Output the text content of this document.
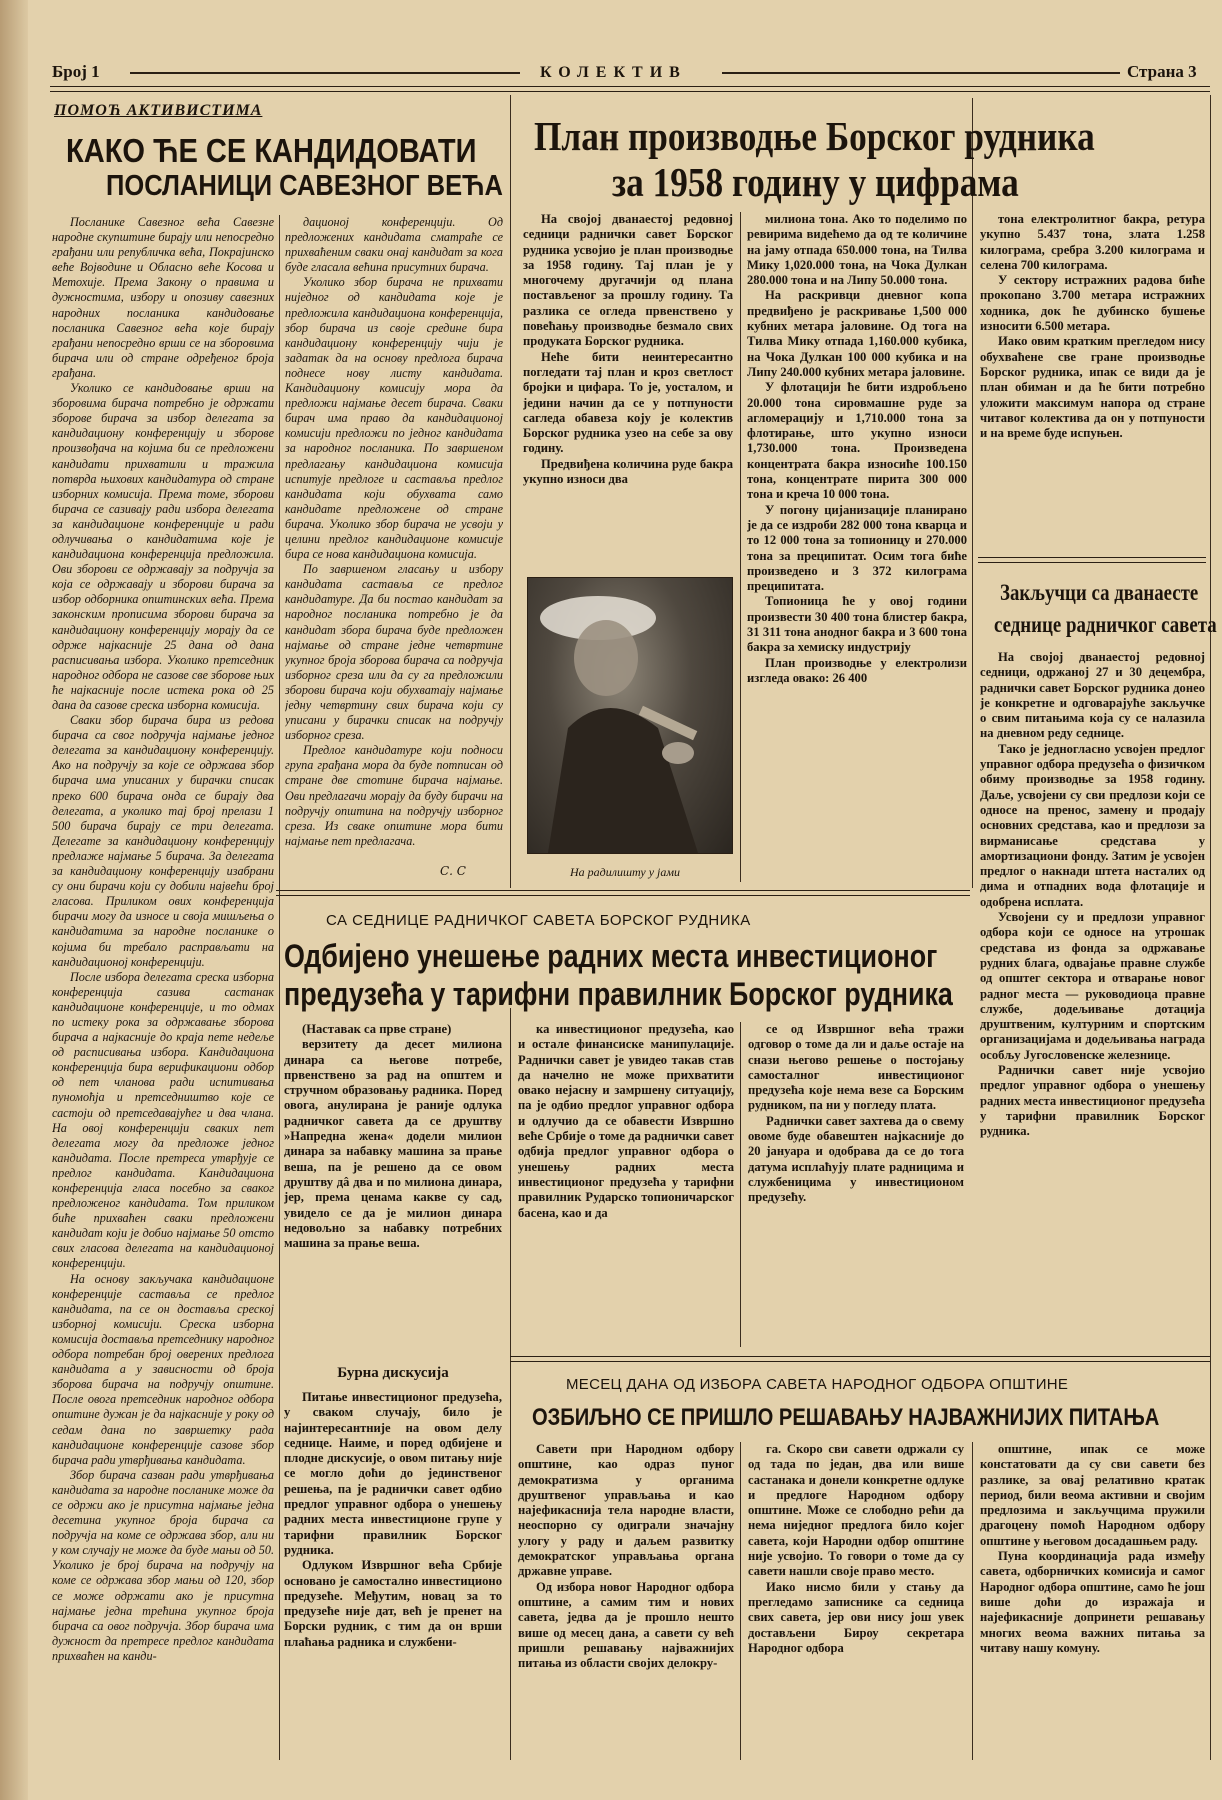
Број 1	КОЛЕКТИВ	Страна 3
ПОМОЋ АКТИВИСТИМА
КАКО ЋЕ СЕ КАНДИДОВАТИ
ПОСЛАНИЦИ САВЕЗНОГ ВЕЋА

Посланике Савезног већа Савезне народне скупштине бирају или непосредно грађани или републичка већа, Покрајинско веће Војводине и Обласно веће Косова и Метохије. Према Закону о правима и дужностима, избору и опозиву савезних народних посланика кандидовање посланика Савезног већа које бирају грађани непосредно врши се на зборовима бирача или од стране одређеног броја грађана.

Уколико се кандидовање врши на зборовима бирача потребно је одржати зборове бирача за избор делегата за кандидациону конференцију и зборове произвођача на којима би се предложени кандидати прихватили и тражила потврда њихових кандидатура од стране изборних комисија. Према томе, зборови бирача се сазивају ради избора делегата за кандидационе конференције и ради одлучивања о кандидатима које је кандидациона конференција предложила. Ови зборови се одржавају за подручја за која се одржавају и зборови бирача за избор одборника општинских већа. Према законским прописима зборови бирача за кандидациону конференцију морају да се одрже најкасније 25 дана од дана расписивања избора. Уколико претседник народног одбора не сазове све зборове њих ће најкасније после истека рока од 25 дана да сазове среска изборна комисија.

Сваки збор бирача бира из редова бирача са свог подручја најмање једног делегата за кандидациону конференцију. Ако на подручју за које се одржава збор бирача има уписаних у бирачки списак преко 600 бирача онда се бирају два делегата, а уколико тај број прелази 1 500 бирача бирају се три делегата. Делегате за кандидациону конференцију предлаже најмање 5 бирача. За делегата за кандидациону конференцију изабрани су они бирачи који су добили највећи број гласова. Приликом ових конференција бирачи могу да износе и своја мишљења о кандидатима за народне посланике о којима би требало расправљати на кандидационој конференцији.

После избора делегата среска изборна конференција сазива састанак кандидационе конференције, и то одмах по истеку рока за одржавање зборова бирача а најкасније до краја пете недеље од расписивања избора. Кандидациона конференција бира верификациони одбор од пет чланова ради испитивања пуномоћја и претседништво које се састоји од претседавајућег и два члана. На овој конференцији сваких пет делегата могу да предложе једног кандидата. После претреса утврђује се предлог кандидата. Кандидациона конференција гласа посебно за сваког предложеног кандидата. Том приликом биће прихваћен сваки предложени кандидат који је добио најмање 50 отсто свих гласова делегата на кандидационој конференцији.

На основу закључака кандидационе конференције саставља се предлог кандидата, па се он доставља среској изборној комисији. Среска изборна комисија доставља претседнику народног одбора потребан број оверених предлога кандидата а у зависности од броја зборова бирача на подручју општине. После овога претседник народног одбора општине дужан је да најкасније у року од седам дана по завршетку рада кандидационе конференције сазове збор бирача ради утврђивања кандидата.

Збор бирача сазван ради утврђивања кандидата за народне посланике може да се одржи ако је присутна најмање једна десетина укупног броја бирача са подручја на коме се одржава збор, али ни у ком случају не може да буде мањи од 50. Уколико је број бирача на подручју на коме се одржава збор мањи од 120, збор се може одржати ако је присутна најмање једна трећина укупног броја бирача са овог подручја. Збор бирача има дужност да претресе предлог кандидата прихваћен на канди-

дационој конференцији. Од предложених кандидата сматраће се прихваћеним сваки онај кандидат за кога буде гласала већина присутних бирача.

Уколико збор бирача не прихвати ниједног од кандидата које је предложила кандидациона конференција, збор бирача из своје средине бира кандидациону конференцију чији је задатак да на основу предлога бирача поднесе нову листу кандидата. Кандидациону комисију мора да предложи најмање десет бирача. Сваки бирач има право да кандидационој комисији предложи по једног кандидата за народног посланика. По завршеном предлагању кандидациона комисија испитује предлоге и саставља предлог кандидата који обухвата само кандидате предложене од стране бирача. Уколико збор бирача не усвоји у целини предлог кандидационе комисије бира се нова кандидациона комисија.

По завршеном гласању и избору кандидата саставља се предлог кандидатуре. Да би постао кандидат за народног посланика потребно је да кандидат збора бирача буде предложен најмање од стране једне четвртине укупног броја зборова бирача са подручја изборног среза или да су га предложили зборови бирача који обухватају најмање једну четвртину свих бирача који су уписани у бирачки списак на подручју изборног среза.

Предлог кандидатуре који подноси група грађана мора да буде потписан од стране две стотине бирача најмање. Ови предлагачи морају да буду бирачи на подручју општина на подручју изборног среза. Из сваке општине мора бити најмање пет предлагача.

С. С
План производње Борског рудника
за 1958 годину у цифрама

На својој дванаестој редовној седници раднички савет Борског рудника усвојио је план производње за 1958 годину. Тај план је у многочему другачији од плана постављеног за прошлу годину. Та разлика се огледа првенствено у повећању производње безмало свих продуката Борског рудника.

Неће бити неинтересантно погледати тај план и кроз светлост бројки и цифара. То је, уосталом, и једини начин да се у потпуности сагледа обавеза коју је колектив Борског рудника узео на себе за ову годину.

Предвиђена количина руде бакра укупно износи два

На радилишту у јами

милиона тона. Ако то поделимо по ревирима видећемо да од те количине на јаму отпада 650.000 тона, на Тилва Мику 1,020.000 тона, на Чока Дулкан 280.000 тона и на Липу 50.000 тона.

На раскривци дневног копа предвиђено је раскривање 1,500 000 кубних метара јаловине. Од тога на Тилва Мику отпада 1,160.000 кубика, на Чока Дулкан 100 000 кубика и на Липу 240.000 кубних метара јаловине.

У флотацији ће бити издробљено 20.000 тона сировмашне руде за агломерацију и 1,710.000 тона за флотирање, што укупно износи 1,730.000 тона. Произведена концентрата бакра износиће 100.150 тона, концентрате пирита 300 000 тона и креча 10 000 тона.

У погону цијанизације планирано је да се издроби 282 000 тона кварца и то 12 000 тона за топионицу и 270.000 тона за преципитат. Осим тога биће произведено и 3 372 килограма преципитата.

Топионица ће у овој години произвести 30 400 тона блистер бакра, 31 311 тона анодног бакра и 3 600 тона бакра за хемиску индустрију

План производње у електролизи изгледа овако: 26 400

тона електролитног бакра, ретура укупно 5.437 тона, злата 1.258 килограма, сребра 3.200 килограма и селена 700 килограма.

У сектору истражних радова биће прокопано 3.700 метара истражних ходника, док ће дубинско бушење износити 6.500 метара.

Иако овим кратким прегледом нису обухваћене све гране производње Борског рудника, ипак се види да је план обиман и да ће бити потребно уложити максимум напора од стране читавог колектива да он у потпуности и на време буде испуњен.

Закључци са дванаесте
седнице радничког савета

На својој дванаестој редовној седници, одржаној 27 и 30 децембра, раднички савет Борског рудника донео је конкретне и одговарајуће закључке о свим питањима која су се налазила на дневном реду седнице.

Тако је једногласно усвојен предлог управног одбора предузећа о физичком обиму производње за 1958 годину. Даље, усвојени су сви предлози који се односе на пренос, замену и продају основних средстава, као и предлози за вирманисање средстава у амортизациони фонду. Затим је усвојен предлог о накнади штета насталих од дима и отпадних вода флотације и одобрена исплата.

Усвојени су и предлози управног одбора који се односе на утрошак средстава из фонда за одржавање рудних блага, одвајање правне службе од општег сектора и отварање новог радног места — руководиоца правне службе, додељивање дотација друштвеним, културним и спортским организацијама и додељивања награда особљу Југословенске железнице.

Раднички савет није усвојио предлог управног одбора о унешењу радних места инвестиционог предузећа у тарифни правилник Борског рудника.

СА СЕДНИЦЕ РАДНИЧКОГ САВЕТА БОРСКОГ РУДНИКА
Одбијено унешење радних места инвестиционог
предузећа у тарифни правилник Борског рудника

(Наставак са прве стране)

верзитету да десет милиона динара са његове потребе, првенствено за рад на општем и стручном образовању радника. Поред овога, анулирана је раније одлука радничког савета да се друштву »Напредна жена« додели милион динара за набавку машина за прање веша, па је решено да се овом друштву дâ два и по милиона динара, јер, према ценама какве су сад, увидело се да је милион динара недовољно за набавку потребних машина за прање веша.

Бурна дискусија

Питање инвестиционог предузећа, у сваком случају, било је најинтересантније на овом делу седнице. Наиме, и поред одбијене и плодне дискусије, о овом питању није се могло доћи до јединственог решења, па је раднички савет одбио предлог управног одбора о унешењу радних места инвестиционе групе у тарифни правилник Борског рудника.

Одлуком Извршног већа Србије основано је самостално инвестиционо предузеће. Међутим, новац за то предузеће није дат, већ је пренет на Борски рудник, с тим да он врши плаћања радника и службени-

ка инвестиционог предузећа, као и остале финансиске манипулације. Раднички савет је увидео такав став да начелно не може прихватити овако нејасну и замршену ситуацију, па је одбио предлог управног одбора и одлучио да се обавести Извршно веће Србије о томе да раднички савет одбија предлог управног одбора о унешењу радних места инвестиционог предузећа у тарифни правилник Рударско топионичарског басена, као и да

се од Извршног већа тражи одговор о томе да ли и даље остаје на снази његово решење о постојању самосталног инвестиционог предузећа које нема везе са Борским рудником, па ни у погледу плата.

Раднички савет захтева да о свему овоме буде обавештен најкасније до 20 јануара и одобрава да се до тога датума исплаћују плате радницима и службеницима у инвестиционом предузећу.

МЕСЕЦ ДАНА ОД ИЗБОРА САВЕТА НАРОДНОГ ОДБОРА ОПШТИНЕ
ОЗБИЉНО СЕ ПРИШЛО РЕШАВАЊУ НАЈВАЖНИЈИХ ПИТАЊА

Савети при Народном одбору општине, као одраз пуног демократизма у органима друштвеног управљања и као најефикаснија тела народне власти, неоспорно су одиграли значајну улогу у раду и даљем развитку демократског управљања органа државне управе.

Од избора новог Народног одбора општине, а самим тим и нових савета, једва да је прошло нешто више од месец дана, а савети су већ пришли решавању најважнијих питања из области својих делокру-

га. Скоро сви савети одржали су од тада по један, два или више састанака и донели конкретне одлуке и предлоге Народном одбору општине. Може се слободно рећи да нема ниједног предлога било којег савета, који Народни одбор општине није усвојио. То говори о томе да су савети нашли своје право место.

Иако нисмо били у стању да прегледамо записнике са седница свих савета, јер ови нису још увек достављени Бироу секретара Народног одбора

општине, ипак се може констатовати да су сви савети без разлике, за овај релативно кратак период, били веома активни и својим предлозима и закључцима пружили драгоцену помоћ Народном одбору општине у његовом досадашњем раду.

Пуна координација рада између савета, одборничких комисија и самог Народног одбора општине, само ће још више доћи до изражаја и најефикасније допринети решавању многих веома важних питања за читаву нашу комуну.
